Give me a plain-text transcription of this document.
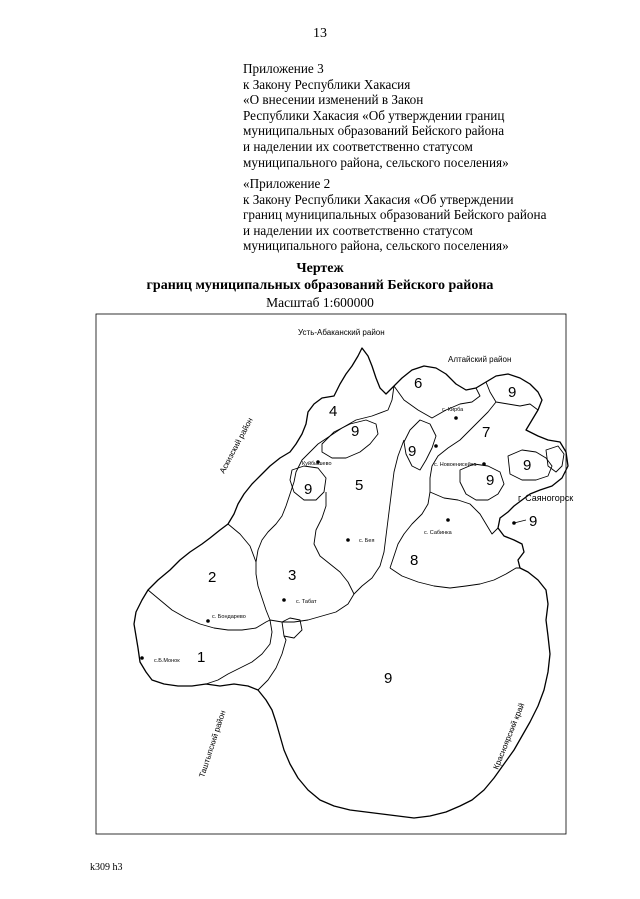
13
Приложение 3
к Закону Республики Хакасия
«О внесении изменений в Закон
Республики Хакасия «Об утверждении границ
муниципальных образований Бейского района
и наделении их соответственно статусом
муниципального района, сельского поселения»
«Приложение 2
к Закону Республики Хакасия «Об утверждении
границ муниципальных образований Бейского района
и наделении их соответственно статусом
муниципального района, сельского поселения»
Чертеж
границ муниципальных образований Бейского района
Масштаб 1:600000
6
9
4
9	7
9
9
9
5
9
9
8
2	3
1
9
с. Кирба
с. Новоенисейка
Куйбышево
с. Бея
с. Сабинка
с. Табат
с. Бондарево
с.Б.Монок
г. Саяногорск
Усть-Абаканский район
Алтайский район
Аскизский район
Таштыпский район	Красноярский край
k309 h3
